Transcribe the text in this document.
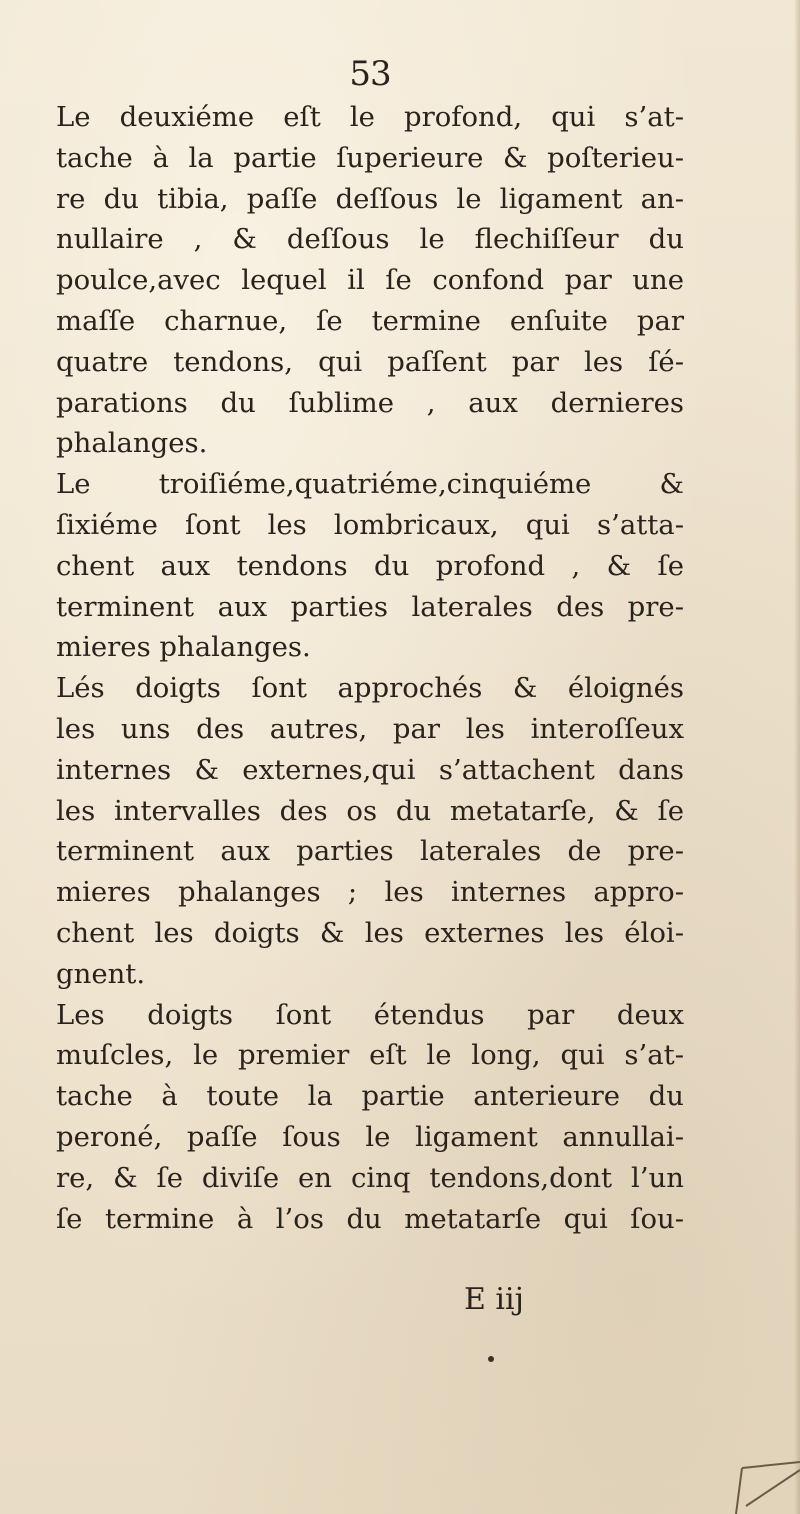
53
Le deuxiéme eſt le profond, qui s’at-
tache à la partie ſuperieure & poſterieu-
re du tibia, paſſe deſſous le ligament an-
nullaire , & deſſous le flechiſſeur du
poulce,avec lequel il ſe confond par une
maſſe charnue, ſe termine enſuite par
quatre tendons, qui paſſent par les ſé-
parations du ſublime , aux dernieres
phalanges.
Le troiſiéme,quatriéme,cinquiéme &
ſixiéme ſont les lombricaux, qui s’atta-
chent aux tendons du profond , & ſe
terminent aux parties laterales des pre-
mieres phalanges.
Lés doigts ſont approchés & éloignés
les uns des autres, par les interoſſeux
internes & externes,qui s’attachent dans
les intervalles des os du metatarſe, & ſe
terminent aux parties laterales de pre-
mieres phalanges ; les internes appro-
chent les doigts & les externes les éloi-
gnent.
Les doigts ſont étendus par deux
muſcles, le premier eſt le long, qui s’at-
tache à toute la partie anterieure du
peroné, paſſe ſous le ligament annullai-
re, & ſe diviſe en cinq tendons,dont l’un
ſe termine à l’os du metatarſe qui ſou-
E iij
